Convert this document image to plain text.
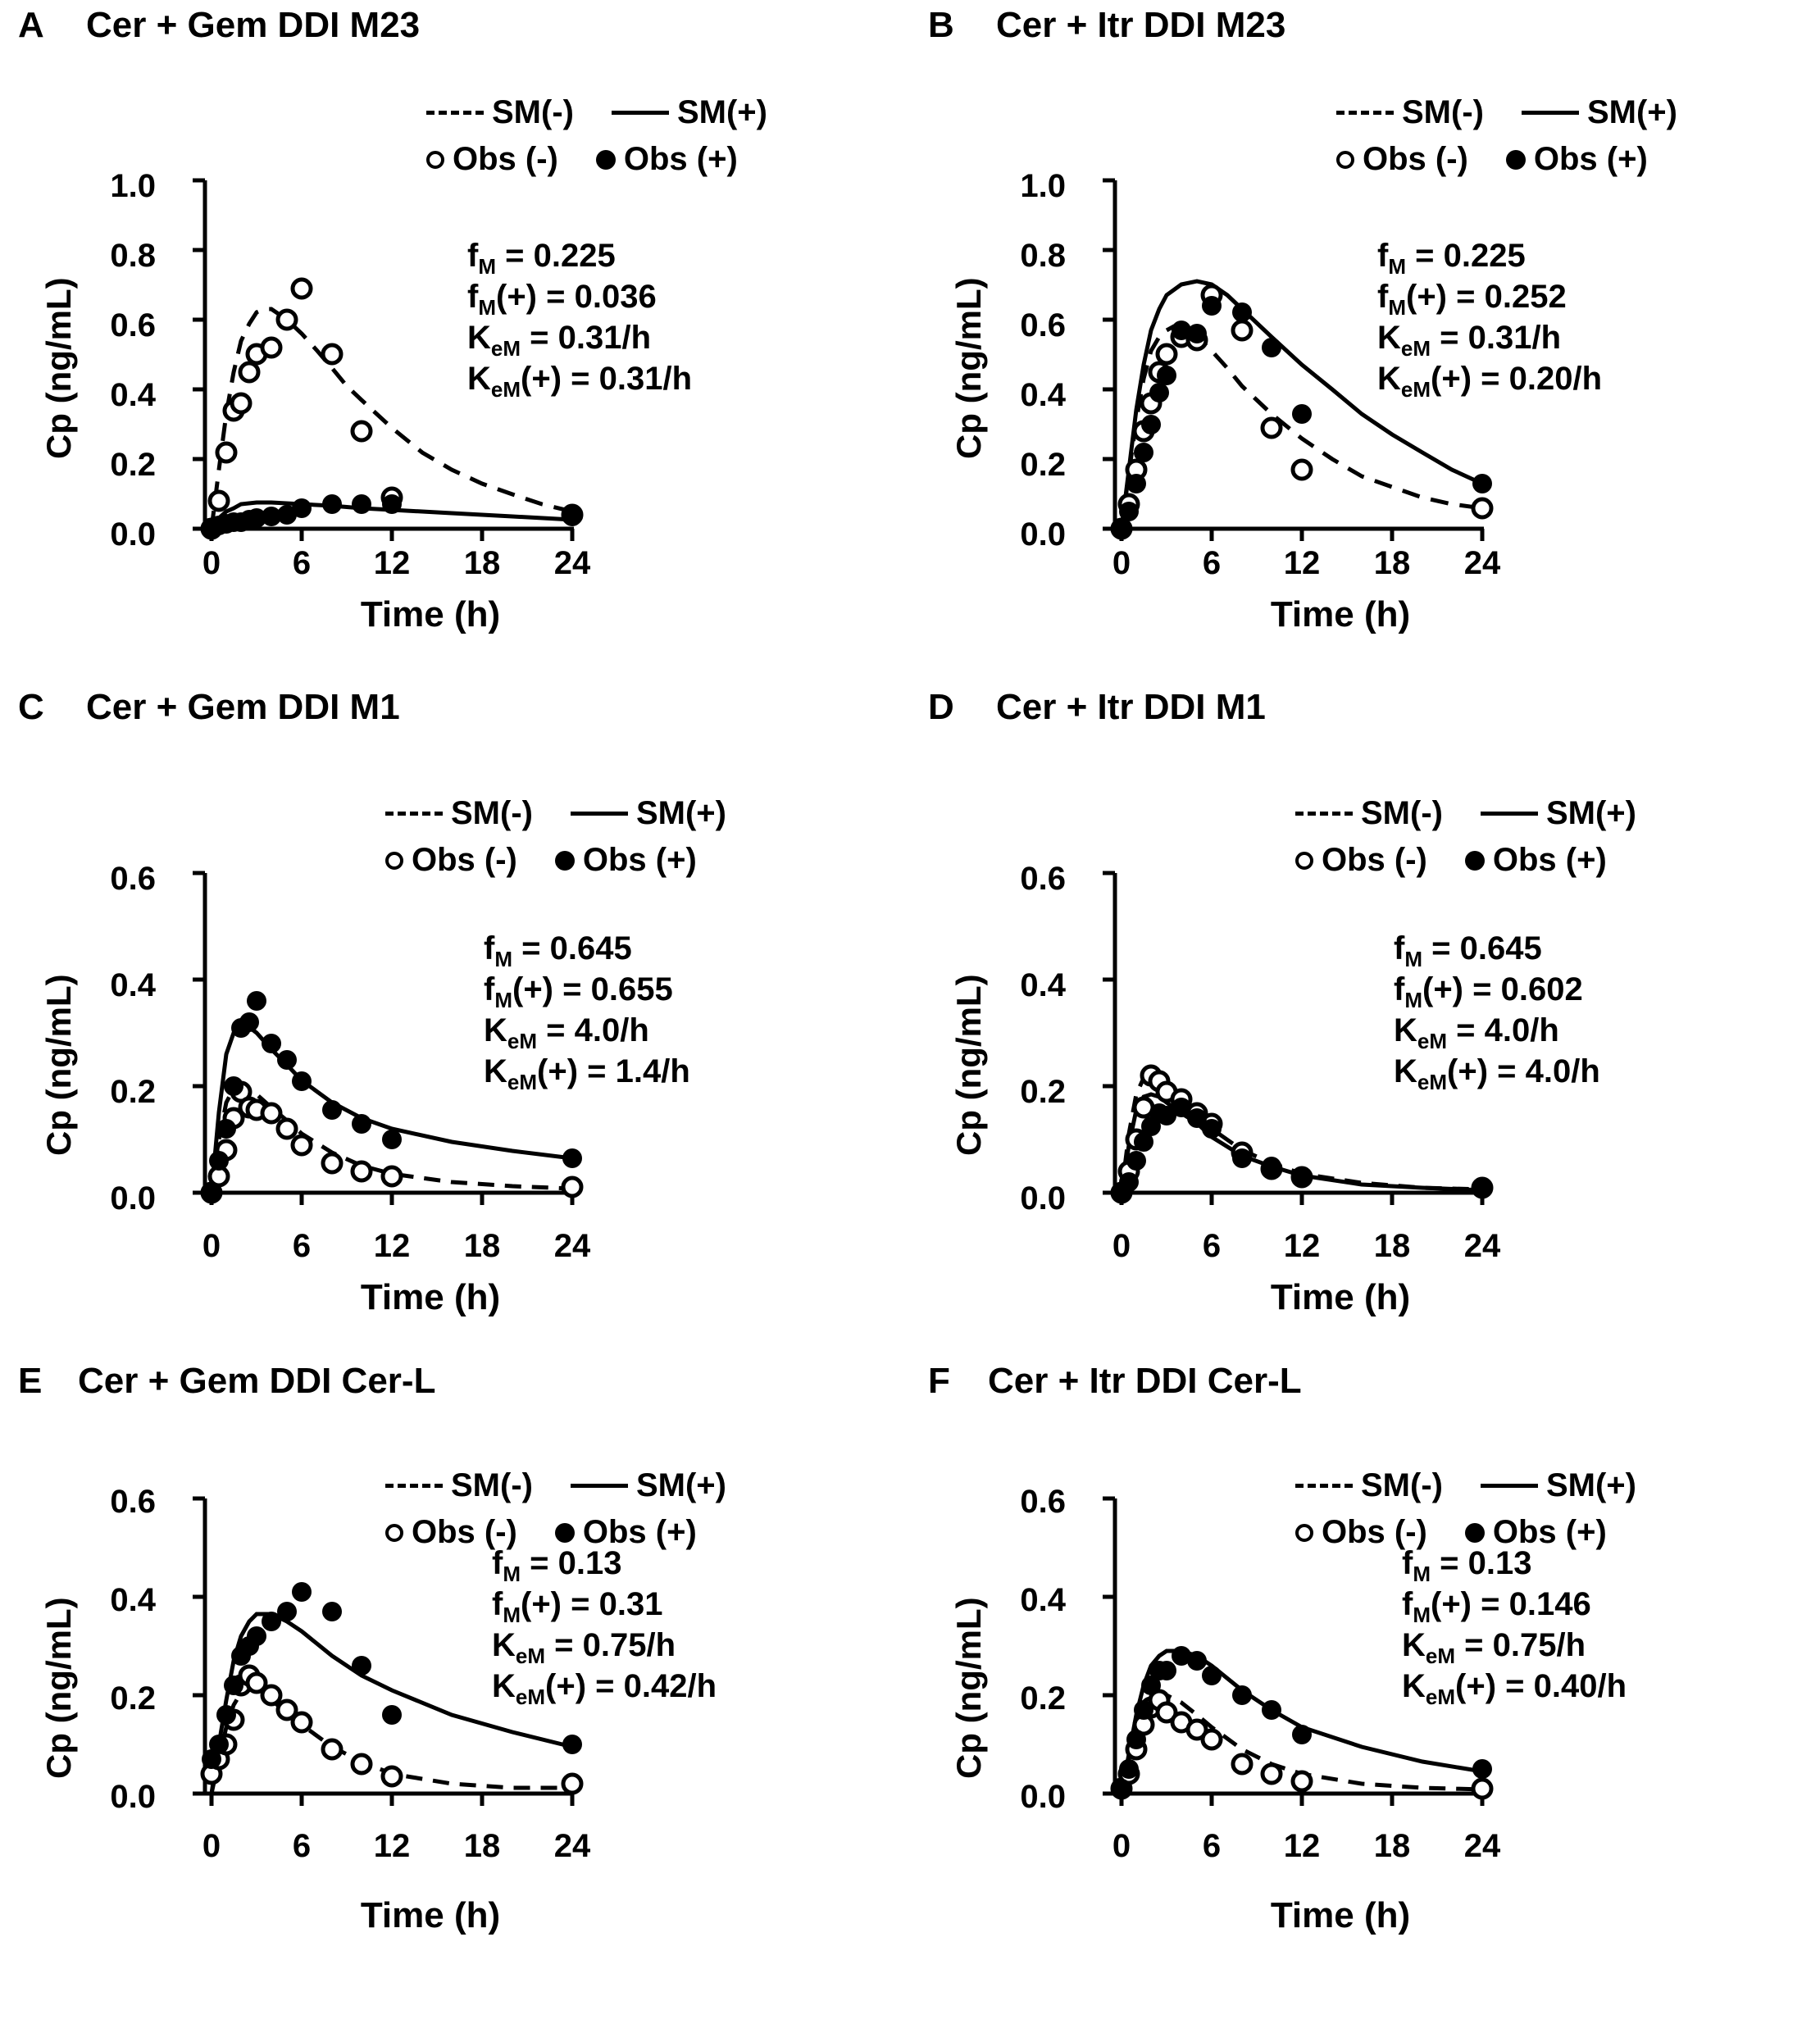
A Cer + Gem DDI M23
SM(-)	SM(+)
Obs (-) Obs (+)
$f_M = 0.225$
$f_M(+) = 0.036$
$K_{eM} = 0.31/h$
$K_{eM}(+) = 0.31/h$
Cp (ng/mL)
Time (h)
1.0
0.8
0.6
0.4
0.2
0.0
0	6	12	18	24
B Cer + Itr DDI M23
SM(-)	SM(+)
Obs (-) Obs (+)
$f_M = 0.225$
$f_M(+) = 0.252$
$K_{eM} = 0.31/h$
$K_{eM}(+) = 0.20/h$
Cp (ng/mL)
Time (h)
1.0
0.8
0.6
0.4
0.2
0.0
0	6	12	18	24
C Cer + Gem DDI M1
SM(-)	SM(+)
Obs (-) Obs (+)
$f_M = 0.645$
$f_M(+) = 0.655$
$K_{eM} = 4.0/h$
$K_{eM}(+) = 1.4/h$
Cp (ng/mL)
Time (h)
0.6
0.4
0.2
0.0
0	6	12	18	24
D Cer + Itr DDI M1
SM(-)	SM(+)
Obs (-) Obs (+)
$f_M = 0.645$
$f_M(+) = 0.602$
$K_{eM} = 4.0/h$
$K_{eM}(+) = 4.0/h$
Cp (ng/mL)
Time (h)
0.6
0.4
0.2
0.0
0	6	12	18	24
E Cer + Gem DDI Cer-L
SM(-)	SM(+)
Obs (-) Obs (+)
$f_M = 0.13$
$f_M(+) = 0.31$
$K_{eM} = 0.75/h$
$K_{eM}(+) = 0.42/h$
Cp (ng/mL)
Time (h)
0.6
0.4
0.2
0.0
0	6	12	18	24
F Cer + Itr DDI Cer-L
SM(-)	SM(+)
Obs (-) Obs (+)
$f_M = 0.13$
$f_M(+) = 0.146$
$K_{eM} = 0.75/h$
$K_{eM}(+) = 0.40/h$
Cp (ng/mL)
Time (h)
0.6
0.4
0.2
0.0
0	6	12	18	24
